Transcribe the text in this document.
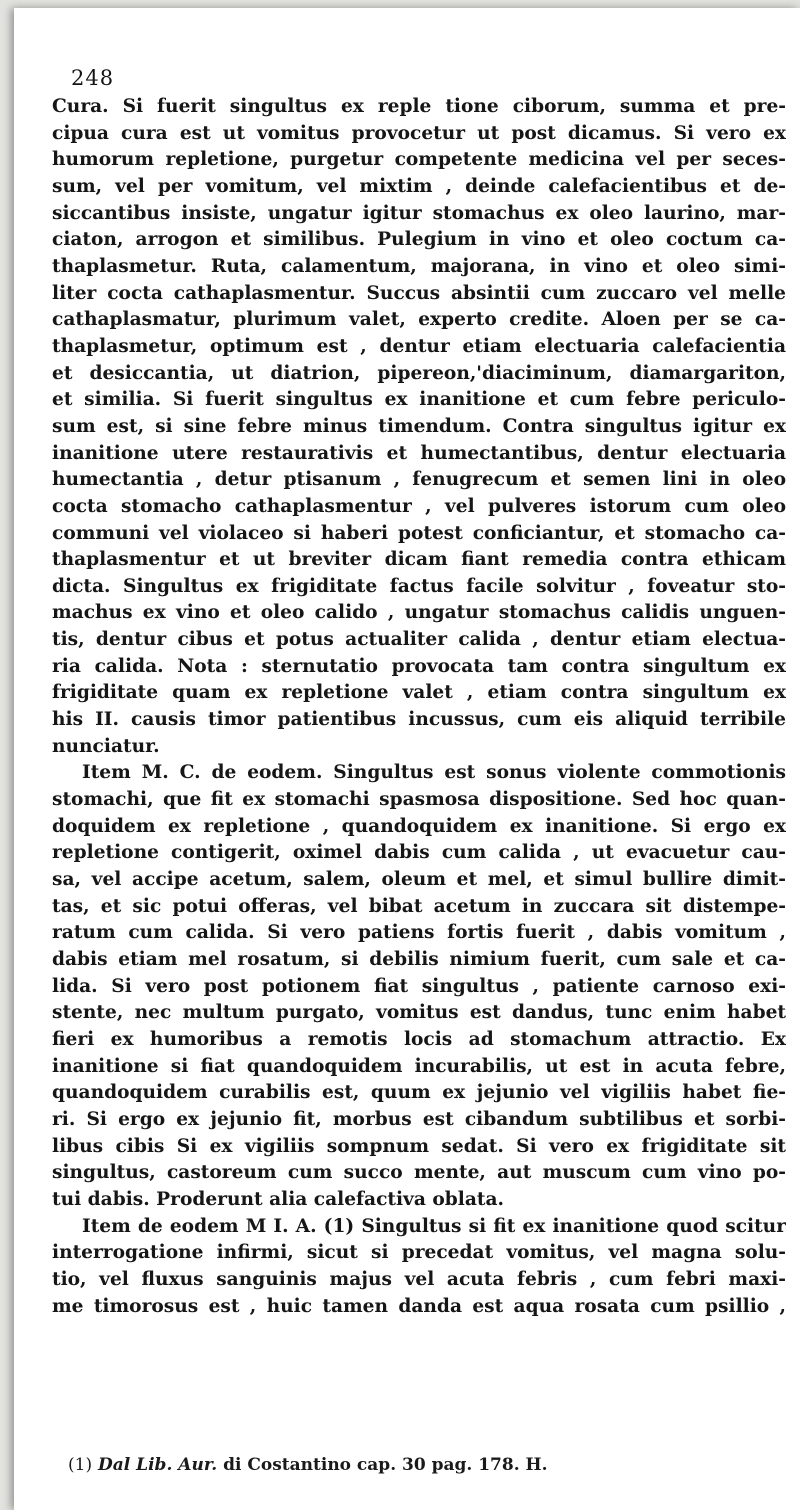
248
Cura. Si fuerit singultus ex reple tione ciborum, summa et pre-
cipua cura est ut vomitus provocetur ut post dicamus. Si vero ex
humorum repletione, purgetur competente medicina vel per seces-
sum, vel per vomitum, vel mixtim , deinde calefacientibus et de-
siccantibus insiste, ungatur igitur stomachus ex oleo laurino, mar-
ciaton, arrogon et similibus. Pulegium in vino et oleo coctum ca-
thaplasmetur. Ruta, calamentum, majorana, in vino et oleo simi-
liter cocta cathaplasmentur. Succus absintii cum zuccaro vel melle
cathaplasmatur, plurimum valet, experto credite. Aloen per se ca-
thaplasmetur, optimum est , dentur etiam electuaria calefacientia
et desiccantia, ut diatrion, pipereon,'diaciminum, diamargariton,
et similia. Si fuerit singultus ex inanitione et cum febre periculo-
sum est, si sine febre minus timendum. Contra singultus igitur ex
inanitione utere restaurativis et humectantibus, dentur electuaria
humectantia , detur ptisanum , fenugrecum et semen lini in oleo
cocta stomacho cathaplasmentur , vel pulveres istorum cum oleo
communi vel violaceo si haberi potest conficiantur, et stomacho ca-
thaplasmentur et ut breviter dicam fiant remedia contra ethicam
dicta. Singultus ex frigiditate factus facile solvitur , foveatur sto-
machus ex vino et oleo calido , ungatur stomachus calidis unguen-
tis, dentur cibus et potus actualiter calida , dentur etiam electua-
ria calida. Nota : sternutatio provocata tam contra singultum ex
frigiditate quam ex repletione valet , etiam contra singultum ex
his II. causis timor patientibus incussus, cum eis aliquid terribile
nunciatur.
Item M. C. de eodem. Singultus est sonus violente commotionis
stomachi, que fit ex stomachi spasmosa dispositione. Sed hoc quan-
doquidem ex repletione , quandoquidem ex inanitione. Si ergo ex
repletione contigerit, oximel dabis cum calida , ut evacuetur cau-
sa, vel accipe acetum, salem, oleum et mel, et simul bullire dimit-
tas, et sic potui offeras, vel bibat acetum in zuccara sit distempe-
ratum cum calida. Si vero patiens fortis fuerit , dabis vomitum ,
dabis etiam mel rosatum, si debilis nimium fuerit, cum sale et ca-
lida. Si vero post potionem fiat singultus , patiente carnoso exi-
stente, nec multum purgato, vomitus est dandus, tunc enim habet
fieri ex humoribus a remotis locis ad stomachum attractio. Ex
inanitione si fiat quandoquidem incurabilis, ut est in acuta febre,
quandoquidem curabilis est, quum ex jejunio vel vigiliis habet fie-
ri. Si ergo ex jejunio fit, morbus est cibandum subtilibus et sorbi-
libus cibis Si ex vigiliis sompnum sedat. Si vero ex frigiditate sit
singultus, castoreum cum succo mente, aut muscum cum vino po-
tui dabis. Proderunt alia calefactiva oblata.
Item de eodem M I. A. (1) Singultus si fit ex inanitione quod scitur
interrogatione infirmi, sicut si precedat vomitus, vel magna solu-
tio, vel fluxus sanguinis majus vel acuta febris , cum febri maxi-
me timorosus est , huic tamen danda est aqua rosata cum psillio ,
(1) Dal Lib. Aur. di Costantino cap. 30 pag. 178. H.
